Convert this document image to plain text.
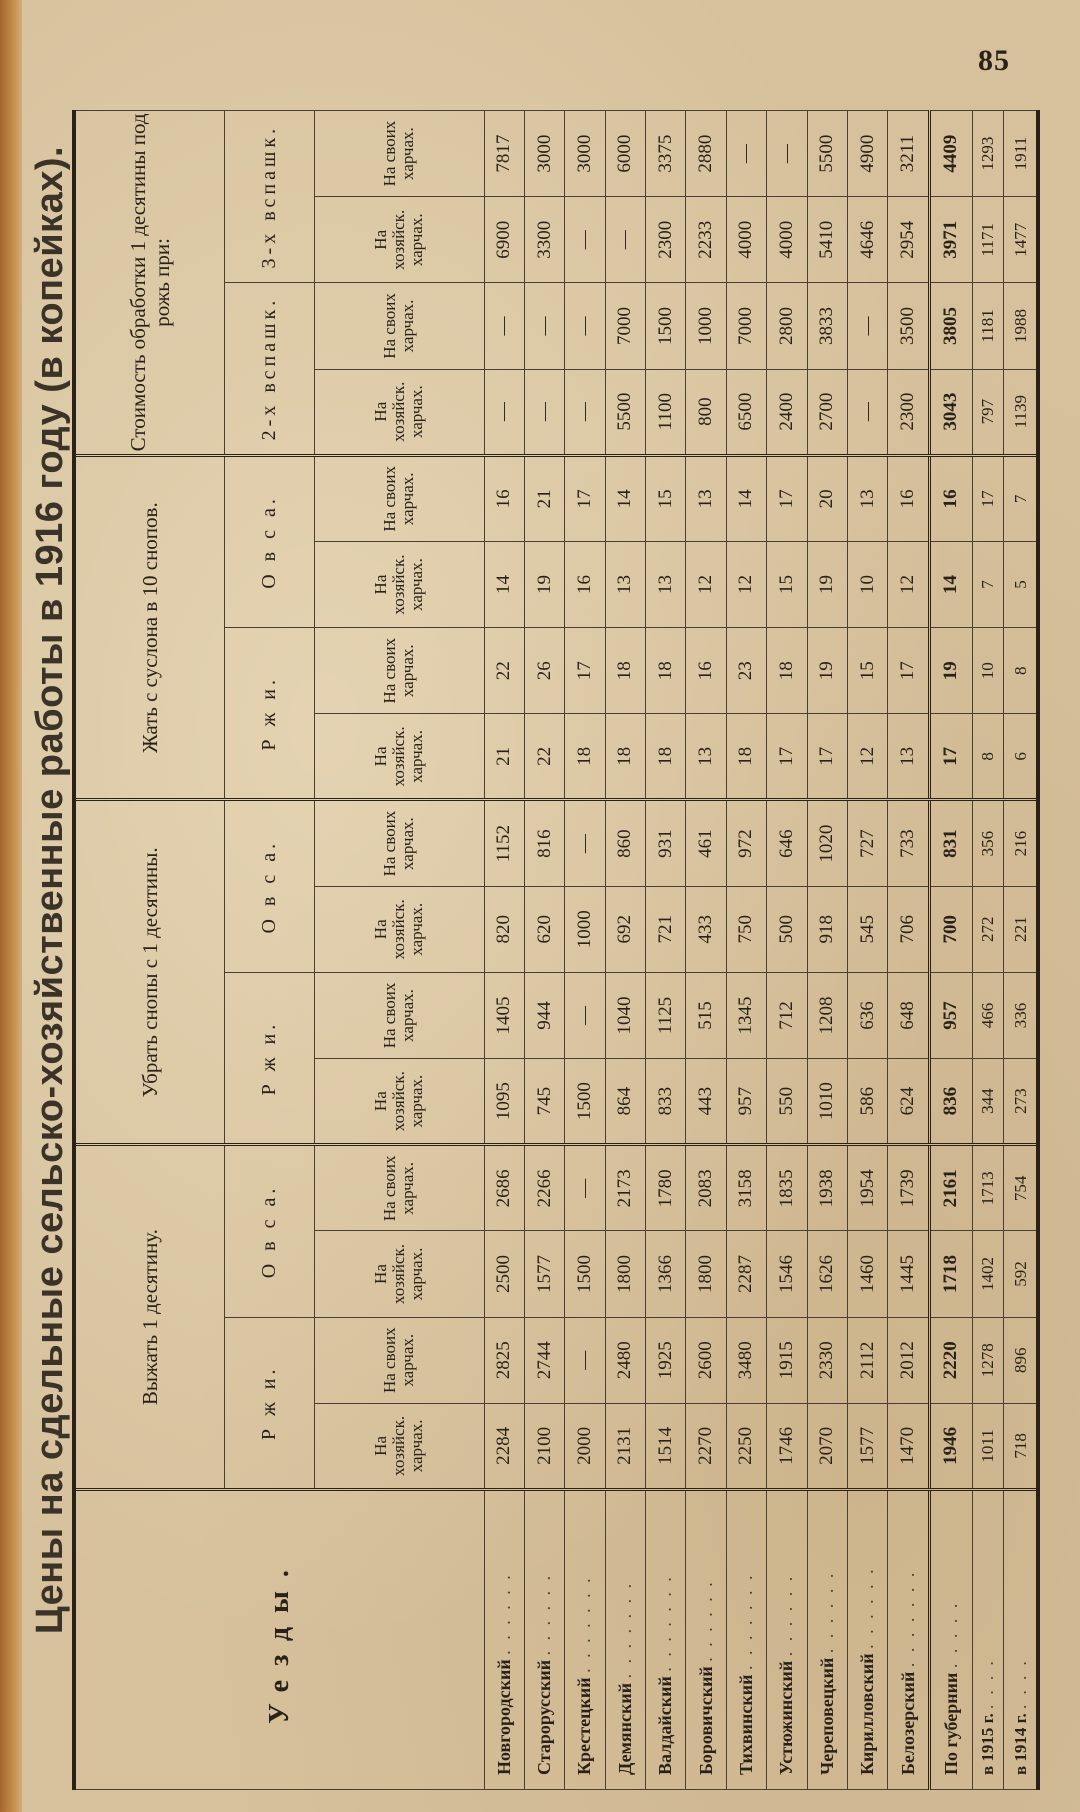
85
Цены на сдельные сельско-хозяйственные работы в 1916 году (в копейках).
Уезды.	Выжать 1 десятину.				Убрать снопы с 1 десятины.				Жать с суслона в 10 снопов.				Стоимость обработки 1 десятины под рожь при:			
	Р ж и.		О в с а.		Р ж и.		О в с а.		Р ж и.		О в с а.		2-х вспашк.		3-х вспашк.	
	На хозяйск. харчах.	На своих харчах.	На хозяйск. харчах.	На своих харчах.	На хозяйск. харчах.	На своих харчах.	На хозяйск. харчах.	На своих харчах.	На хозяйск. харчах.	На своих харчах.	На хозяйск. харчах.	На своих харчах.	На хозяйск. харчах.	На своих харчах.	На хозяйск. харчах.	На своих харчах.
Новгородский . . . . . .	2284	2825	2500	2686	1095	1405	820	1152	21	22	14	16	—	—	6900	7817
Старорусский . . . . . .	2100	2744	1577	2266	745	944	620	816	22	26	19	21	—	—	3300	3000
Крестецкий . . . . . . .	2000	—	1500	—	1500	—	1000	—	18	17	16	17	—	—	—	3000
Демянский . . . . . . .	2131	2480	1800	2173	864	1040	692	860	18	18	13	14	5500	7000	—	6000
Валдайский . . . . . . .	1514	1925	1366	1780	833	1125	721	931	18	18	13	15	1100	1500	2300	3375
Боровичский . . . . . .	2270	2600	1800	2083	443	515	433	461	13	16	12	13	800	1000	2233	2880
Тихвинский . . . . . . .	2250	3480	2287	3158	957	1345	750	972	18	23	12	14	6500	7000	4000	—
Устюжинский . . . . . .	1746	1915	1546	1835	550	712	500	646	17	18	15	17	2400	2800	4000	—
Череповецкий . . . . . .	2070	2330	1626	1938	1010	1208	918	1020	17	19	19	20	2700	3833	5410	5500
Кирилловский . . . . . .	1577	2112	1460	1954	586	636	545	727	12	15	10	13	—	—	4646	4900
Белозерский . . . . . . .	1470	2012	1445	1739	624	648	706	733	13	17	12	16	2300	3500	2954	3211
По губернии . . . . .	1946	2220	1718	2161	836	957	700	831	17	19	14	16	3043	3805	3971	4409
в 1915 г. . . . .	1011	1278	1402	1713	344	466	272	356	8	10	7	17	797	1181	1171	1293
в 1914 г. . . . .	718	896	592	754	273	336	221	216	6	8	5	7	1139	1988	1477	1911
